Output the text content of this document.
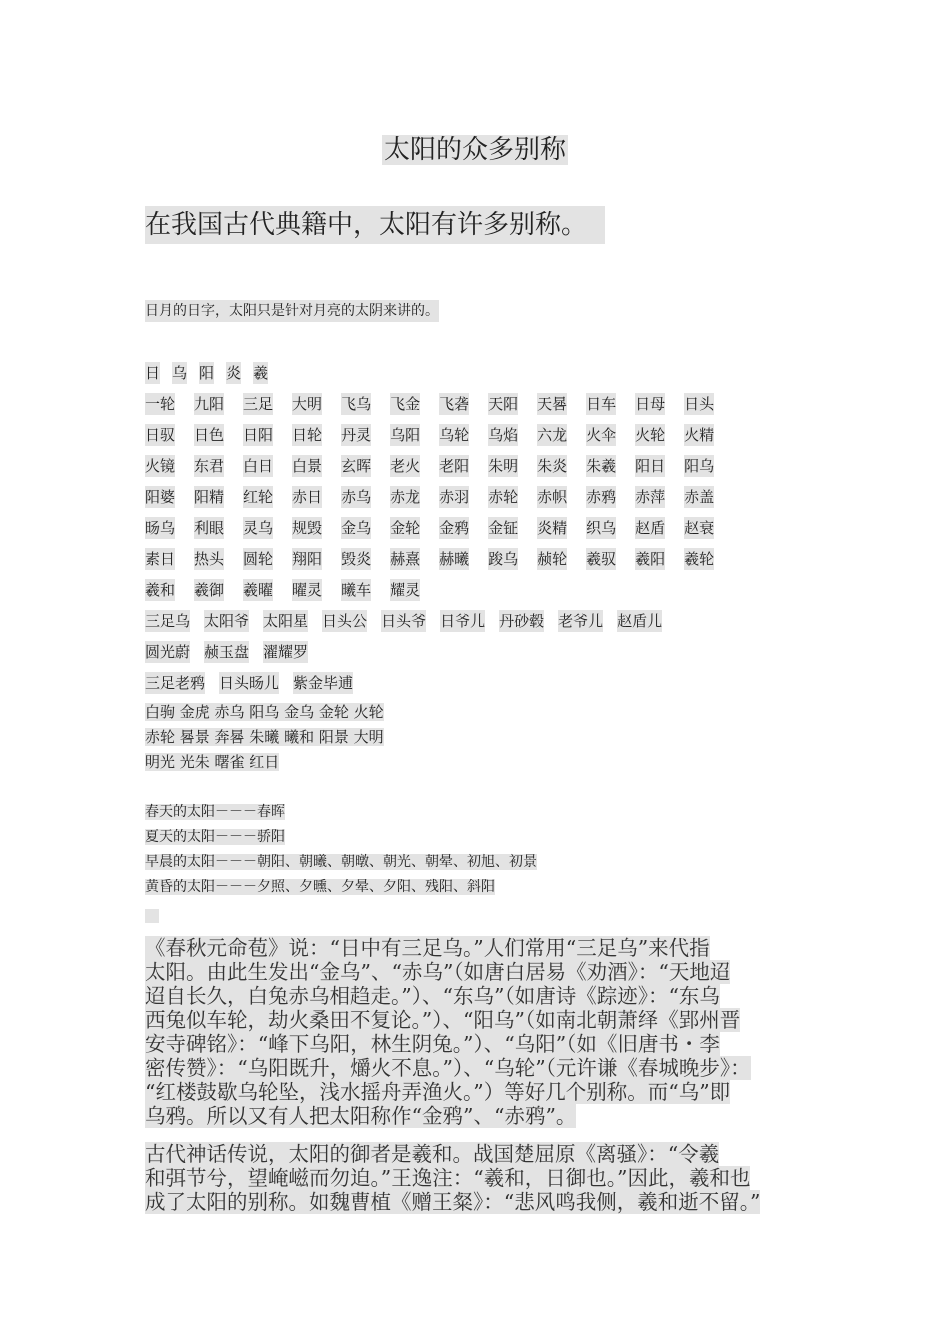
太阳的众多别称
在我国古代典籍中，太阳有许多别称。
日月的日字，太阳只是针对月亮的太阴来讲的。
日 乌 阳 炎 羲
一轮 九阳 三足 大明 飞乌 飞金 飞砻 天阳 天晷 日车 日母 日头
日驭 日色 日阳 日轮 丹灵 乌阳 乌轮 乌焰 六龙 火伞 火轮 火精
火镜 东君 白日 白景 玄晖 老火 老阳 朱明 朱炎 朱羲 阳日 阳乌
阳婆 阳精 红轮 赤日 赤乌 赤龙 赤羽 赤轮 赤帜 赤鸦 赤萍 赤盖
旸乌 利眼 灵乌 规毁 金乌 金轮 金鸦 金钲 炎精 织乌 赵盾 赵衰
素日 热头 圆轮 翔阳 毁炎 赫熹 赫曦 踆乌 赪轮 羲驭 羲阳 羲轮
羲和 羲御 羲曜 曜灵 曦车 耀灵
三足乌 太阳爷 太阳星 日头公 日头爷 日爷儿 丹砂毂 老爷儿 赵盾儿
圆光蔚 赪玉盘 濯耀罗
三足老鸦 日头旸儿 紫金毕逋
白驹 金虎 赤乌 阳乌 金乌 金轮 火轮
赤轮 晷景 奔晷 朱曦 曦和 阳景 大明
明光 光朱 曙雀 红日
春天的太阳－－－春晖
夏天的太阳－－－骄阳
早晨的太阳－－－朝阳、朝曦、朝暾、朝光、朝晕、初旭、初景
黄昏的太阳－－－夕照、夕曛、夕晕、夕阳、残阳、斜阳
《春秋元命苞》说：“日中有三足乌。”人们常用“三足乌”来代指
太阳。由此生发出“金乌”、“赤乌”（如唐白居易《劝酒》：“天地迢
迢自长久，白兔赤乌相趋走。”）、“东乌”（如唐诗《踪迹》：“东乌
西兔似车轮，劫火桑田不复论。”）、“阳乌”（如南北朝萧绎《郢州晋
安寺碑铭》：“峰下乌阳，林生阴兔。”）、“乌阳”（如《旧唐书・李
密传赞》：“乌阳既升，爝火不息。”）、“乌轮”（元许谦《春城晚步》：
“红楼鼓歇乌轮坠，浅水摇舟弄渔火。”）等好几个别称。而“乌”即
乌鸦。所以又有人把太阳称作“金鸦”、“赤鸦”。
古代神话传说，太阳的御者是羲和。战国楚屈原《离骚》：“令羲
和弭节兮，望崦嵫而勿迫。”王逸注：“羲和，日御也。”因此，羲和也
成了太阳的别称。如魏曹植《赠王粲》：“悲风鸣我侧，羲和逝不留。”
